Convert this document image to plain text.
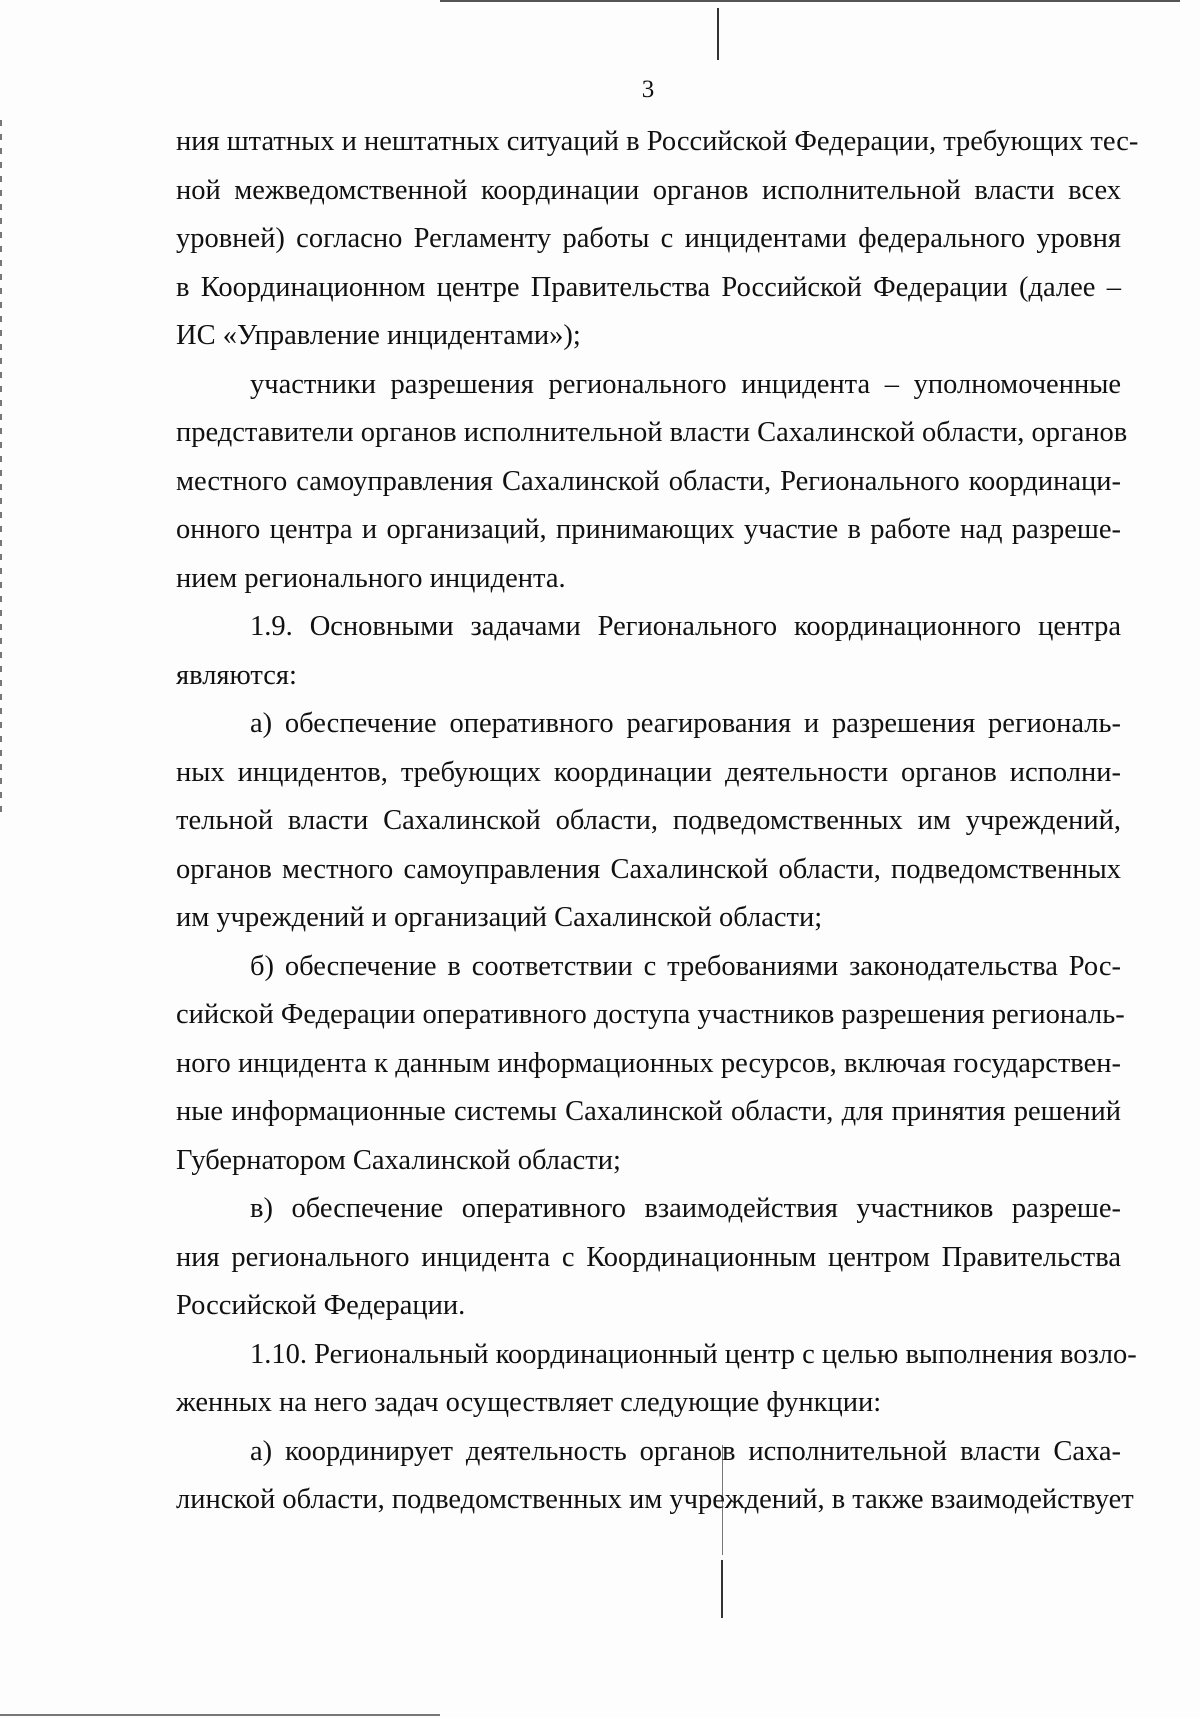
3
ния штатных и нештатных ситуаций в Российской Федерации, требующих тес-
ной межведомственной координации органов исполнительной власти всех
уровней) согласно Регламенту работы с инцидентами федерального уровня
в Координационном центре Правительства Российской Федерации (далее –
ИС «Управление инцидентами»);
участники разрешения регионального инцидента – уполномоченные
представители органов исполнительной власти Сахалинской области, органов
местного самоуправления Сахалинской области, Регионального координаци-
онного центра и организаций, принимающих участие в работе над разреше-
нием регионального инцидента.
1.9. Основными задачами Регионального координационного центра
являются:
а) обеспечение оперативного реагирования и разрешения региональ-
ных инцидентов, требующих координации деятельности органов исполни-
тельной власти Сахалинской области, подведомственных им учреждений,
органов местного самоуправления Сахалинской области, подведомственных
им учреждений и организаций Сахалинской области;
б) обеспечение в соответствии с требованиями законодательства Рос-
сийской Федерации оперативного доступа участников разрешения региональ-
ного инцидента к данным информационных ресурсов, включая государствен-
ные информационные системы Сахалинской области, для принятия решений
Губернатором Сахалинской области;
в) обеспечение оперативного взаимодействия участников разреше-
ния регионального инцидента с Координационным центром Правительства
Российской Федерации.
1.10. Региональный координационный центр с целью выполнения возло-
женных на него задач осуществляет следующие функции:
а) координирует деятельность органов исполнительной власти Саха-
линской области, подведомственных им учреждений, в также взаимодействует
